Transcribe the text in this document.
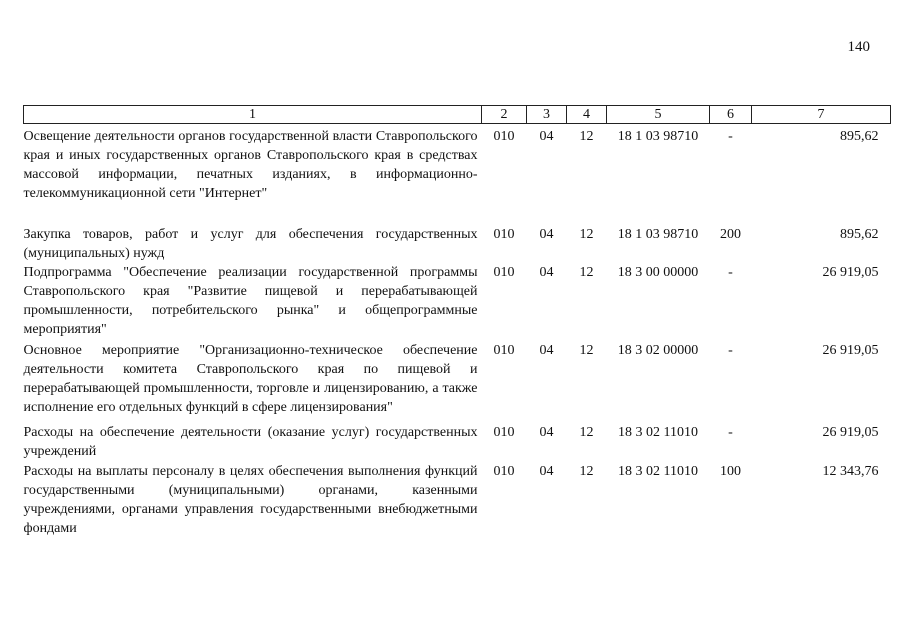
140
1	2	3	4	5	6	7
Освещение деятельности органов государственной власти Ставропольского края и иных государственных органов Ставропольского края в средствах массовой информации, печатных изданиях, в информационно-телекоммуникационной сети "Интернет"	010	04	12	18 1 03 98710	-	895,62
Закупка товаров, работ и услуг для обеспечения государственных (муниципальных) нужд	010	04	12	18 1 03 98710	200	895,62
Подпрограмма "Обеспечение реализации государственной программы Ставропольского края "Развитие пищевой и перерабатывающей промышленности, потребительского рынка" и общепрограммные мероприятия"	010	04	12	18 3 00 00000	-	26 919,05
Основное мероприятие "Организационно-техническое обеспечение деятельности комитета Ставропольского края по пищевой и перерабатывающей промышленности, торговле и лицензированию, а также исполнение его отдельных функций в сфере лицензирования"	010	04	12	18 3 02 00000	-	26 919,05
Расходы на обеспечение деятельности (оказание услуг) государственных учреждений	010	04	12	18 3 02 11010	-	26 919,05
Расходы на выплаты персоналу в целях обеспечения выполнения функций государственными (муниципальными) органами, казенными учреждениями, органами управления государственными внебюджетными фондами	010	04	12	18 3 02 11010	100	12 343,76
